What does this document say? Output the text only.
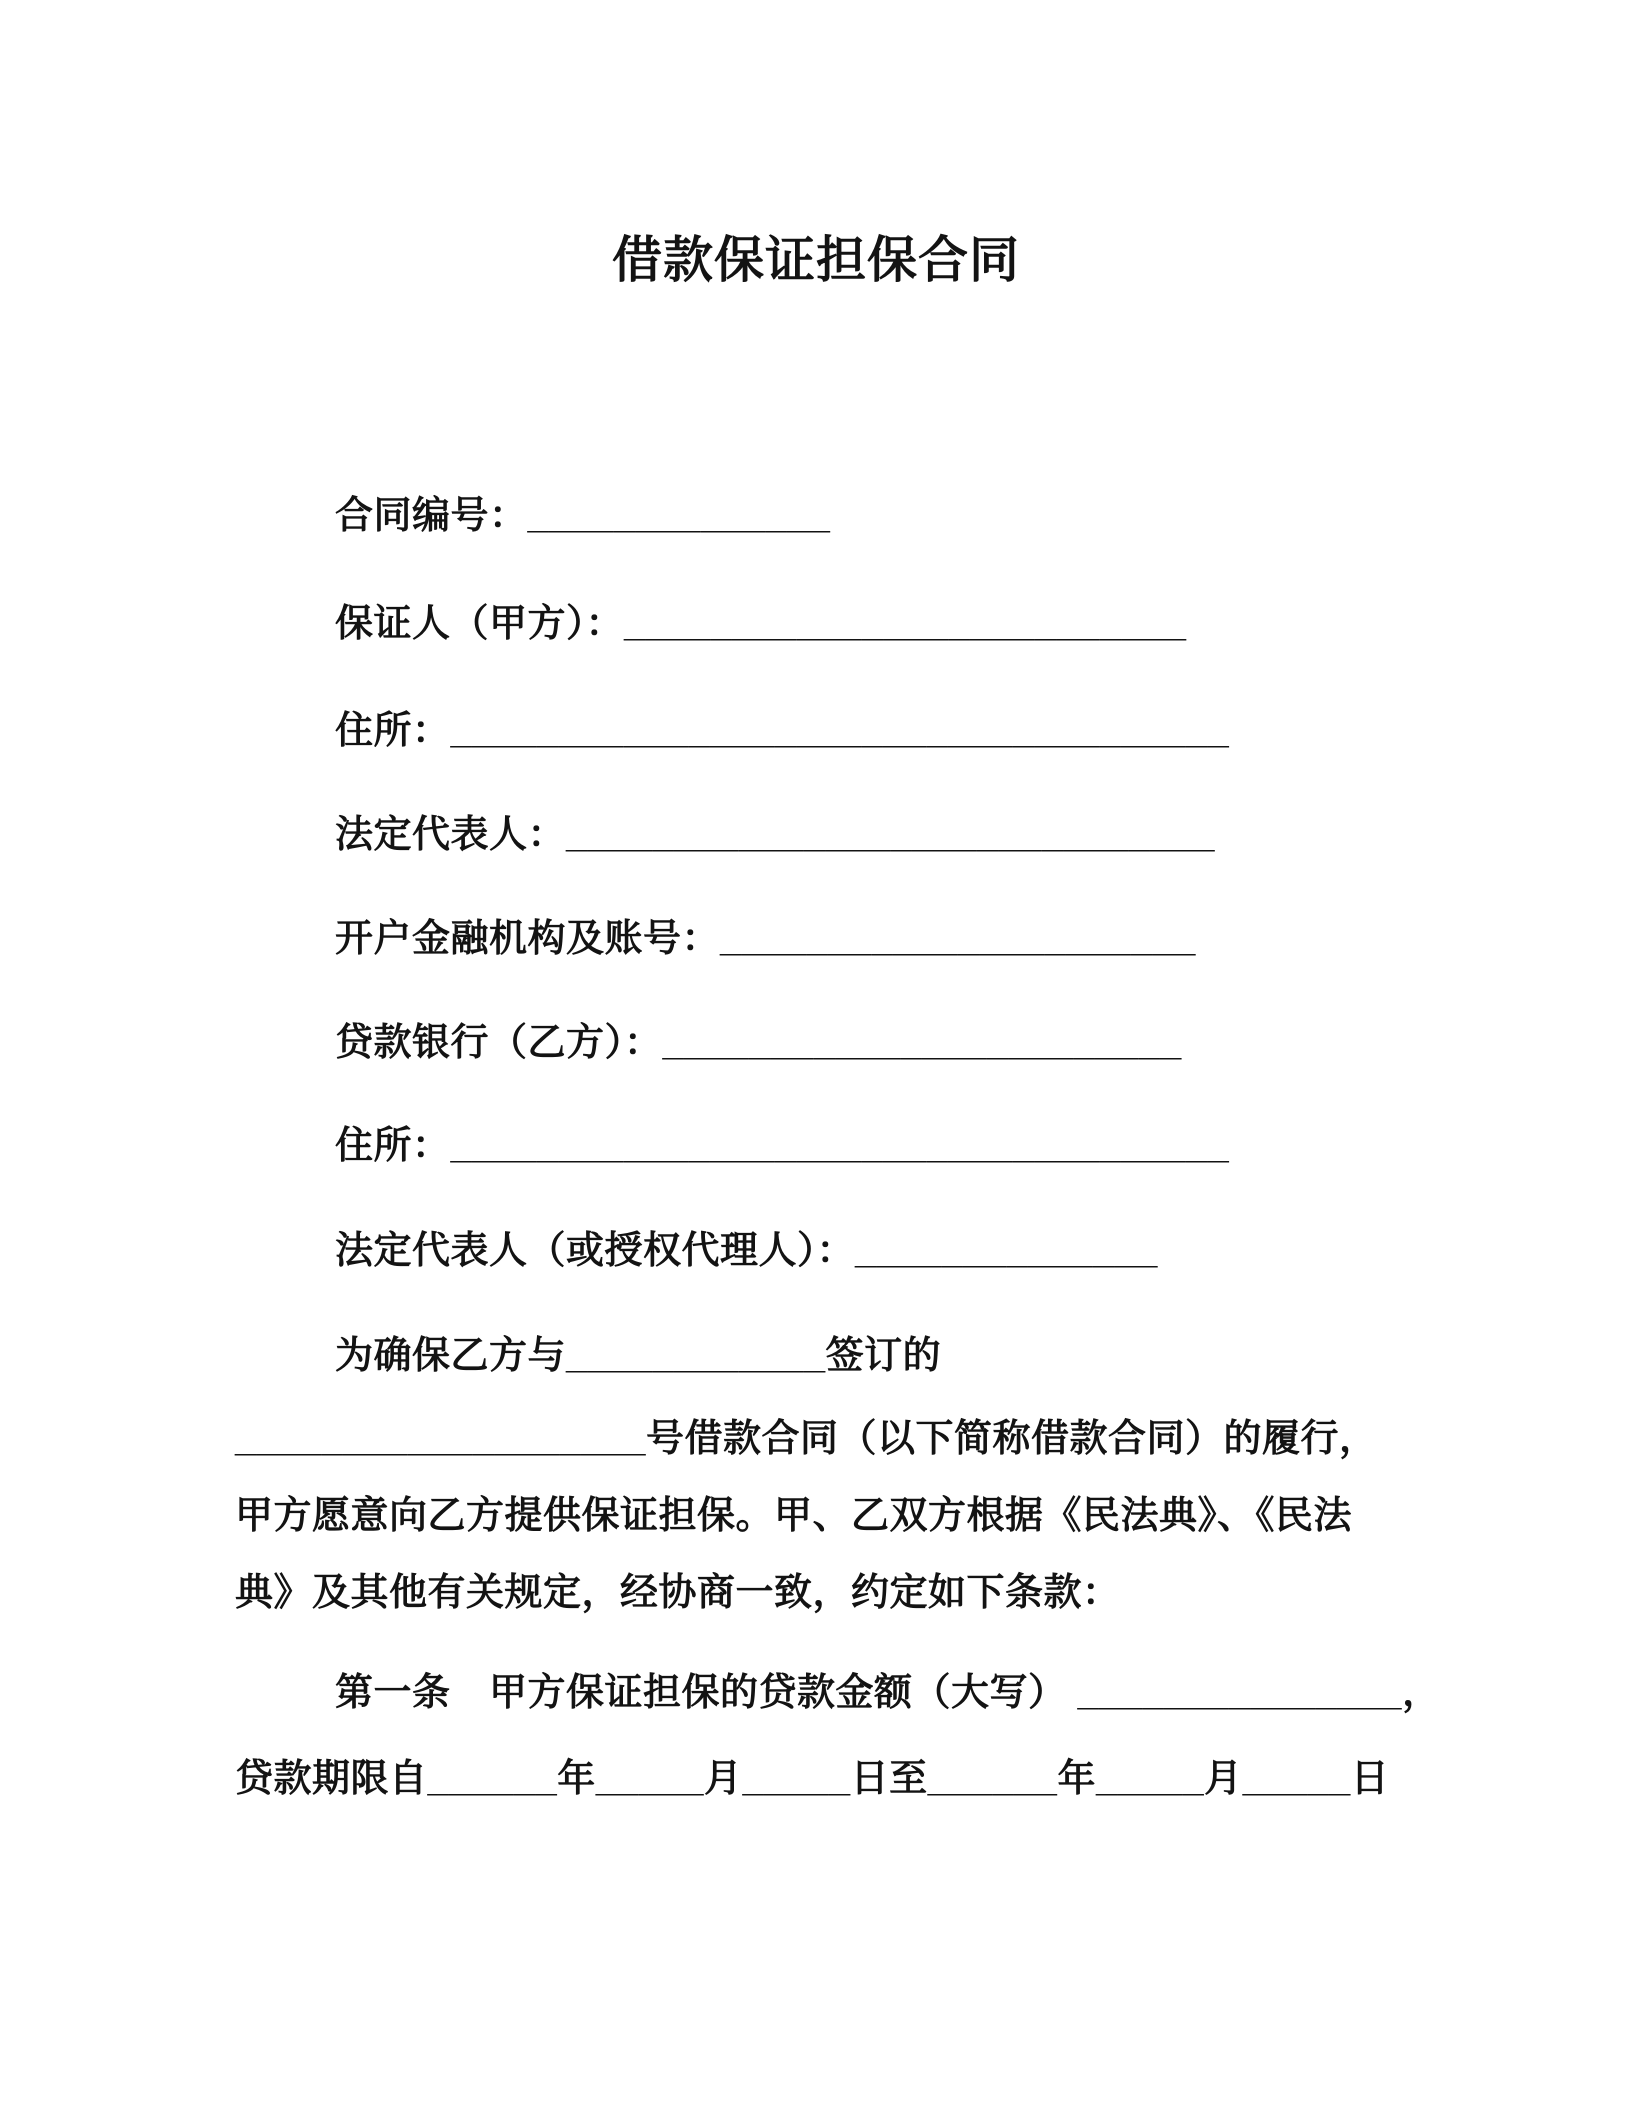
借款保证担保合同
合同编号：______________
保证人（甲方）：__________________________
住所：____________________________________
法定代表人：______________________________
开户金融机构及账号：______________________
贷款银行（乙方）：________________________
住所：____________________________________
法定代表人（或授权代理人）：______________
为确保乙方与____________签订的
___________________号借款合同（以下简称借款合同）的履行，
甲方愿意向乙方提供保证担保。甲、乙双方根据《民法典》、《民法
典》及其他有关规定，经协商一致，约定如下条款：
第一条　甲方保证担保的贷款金额（大写） _______________，
贷款期限自______年_____月_____日至______年_____月_____日
